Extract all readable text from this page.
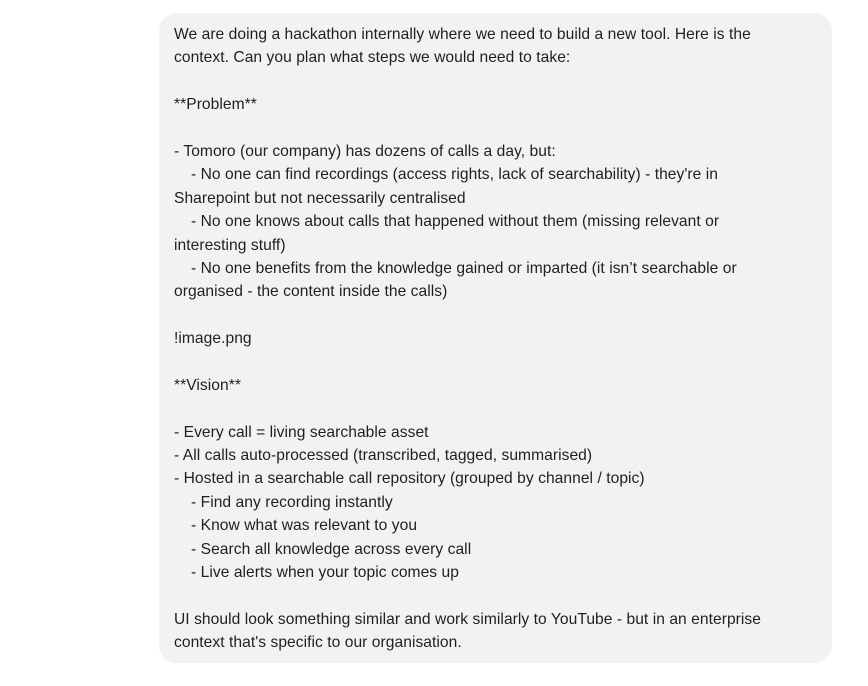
We are doing a hackathon internally where we need to build a new tool. Here is the
context. Can you plan what steps we would need to take:
**Problem**
- Tomoro (our company) has dozens of calls a day, but:
- No one can find recordings (access rights, lack of searchability) - they're in
Sharepoint but not necessarily centralised
- No one knows about calls that happened without them (missing relevant or
interesting stuff)
- No one benefits from the knowledge gained or imparted (it isn’t searchable or
organised - the content inside the calls)
!image.png
**Vision**
- Every call = living searchable asset
- All calls auto-processed (transcribed, tagged, summarised)
- Hosted in a searchable call repository (grouped by channel / topic)
- Find any recording instantly
- Know what was relevant to you
- Search all knowledge across every call
- Live alerts when your topic comes up
UI should look something similar and work similarly to YouTube - but in an enterprise
context that's specific to our organisation.
